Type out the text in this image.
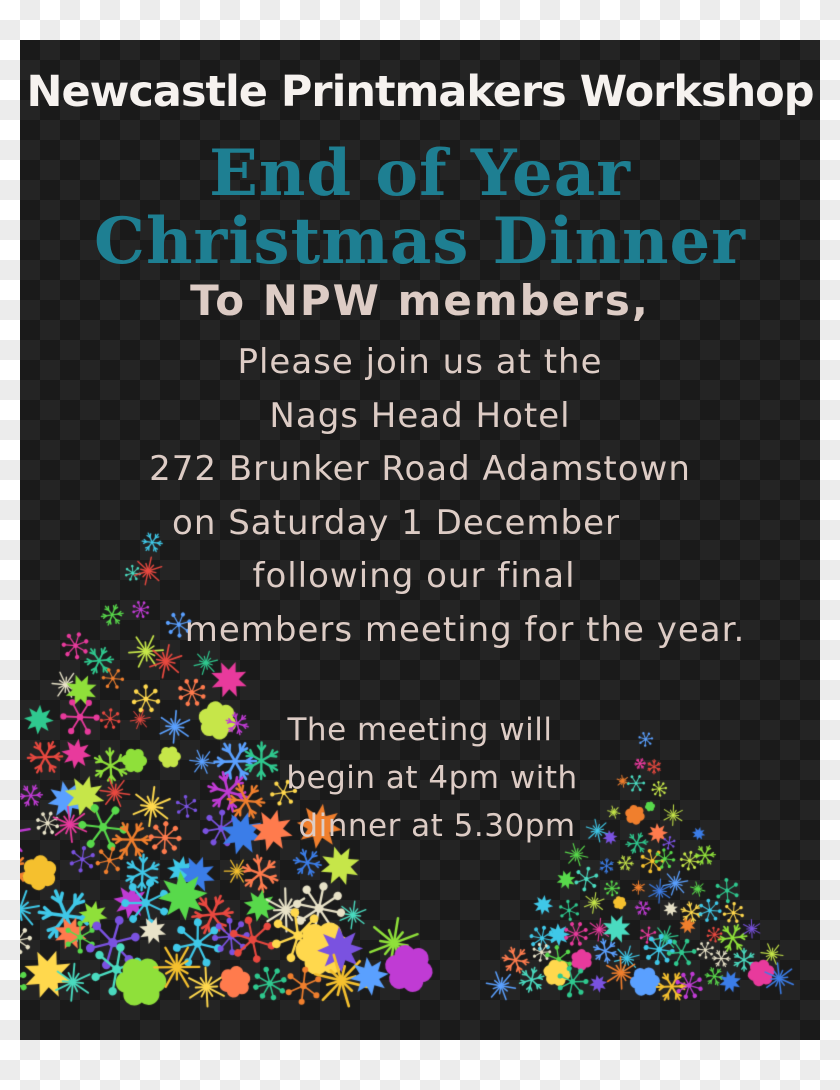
Newcastle Printmakers Workshop
End of Year
Christmas Dinner
To NPW members,
Please join us at the
Nags Head Hotel
272 Brunker Road Adamstown
on Saturday 1 December
following our final
members meeting for the year.
The meeting will
begin at 4pm with
dinner at 5.30pm
